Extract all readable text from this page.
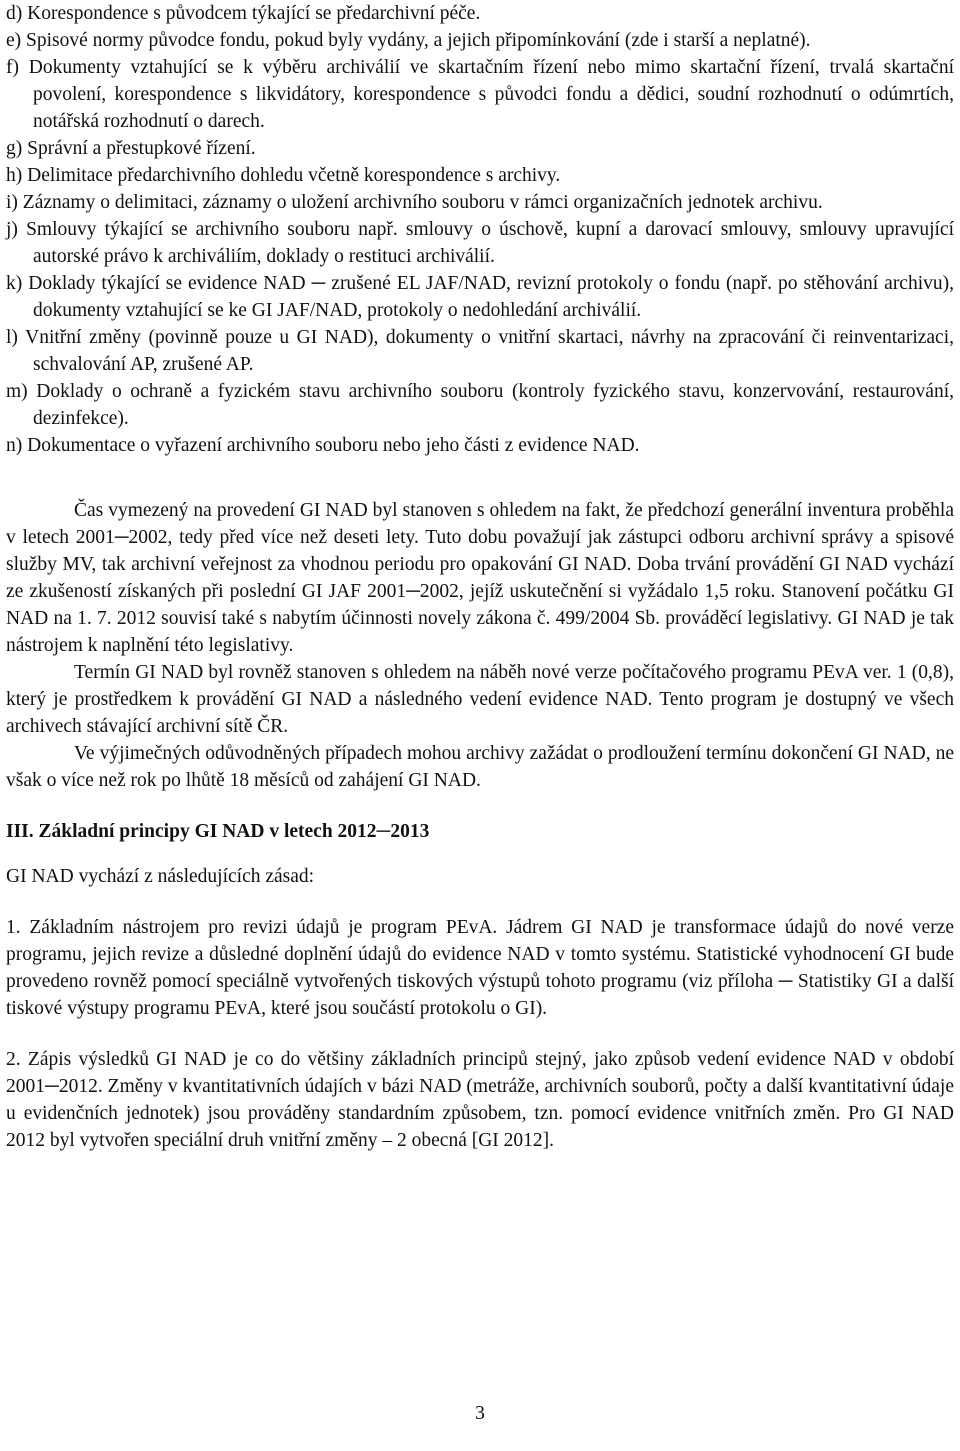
d) Korespondence s původcem týkající se předarchivní péče.
e) Spisové normy původce fondu, pokud byly vydány, a jejich připomínkování (zde i starší a neplatné).
f) Dokumenty vztahující se k výběru archiválií ve skartačním řízení nebo mimo skartační řízení, trvalá skartační povolení, korespondence s likvidátory, korespondence s původci fondu a dědici, soudní rozhodnutí o odúmrtích, notářská rozhodnutí o darech.
g) Správní a přestupkové řízení.
h) Delimitace předarchivního dohledu včetně korespondence s archivy.
i) Záznamy o delimitaci, záznamy o uložení archivního souboru v rámci organizačních jednotek archivu.
j) Smlouvy týkající se archivního souboru např. smlouvy o úschově, kupní a darovací smlouvy, smlouvy upravující autorské právo k archiváliím, doklady o restituci archiválií.
k) Doklady týkající se evidence NAD ─ zrušené EL JAF/NAD, revizní protokoly o fondu (např. po stěhování archivu), dokumenty vztahující se ke GI JAF/NAD, protokoly o nedohledání archiválií.
l) Vnitřní změny (povinně pouze u GI NAD), dokumenty o vnitřní skartaci, návrhy na zpracování či reinventarizaci, schvalování AP, zrušené AP.
m) Doklady o ochraně a fyzickém stavu archivního souboru (kontroly fyzického stavu, konzervování, restaurování, dezinfekce).
n) Dokumentace o vyřazení archivního souboru nebo jeho části z evidence NAD.

Čas vymezený na provedení GI NAD byl stanoven s ohledem na fakt, že předchozí generální inventura proběhla v letech 2001─2002, tedy před více než deseti lety. Tuto dobu považují jak zástupci odboru archivní správy a spisové služby MV, tak archivní veřejnost za vhodnou periodu pro opakování GI NAD. Doba trvání provádění GI NAD vychází ze zkušeností získaných při poslední GI JAF 2001─2002, jejíž uskutečnění si vyžádalo 1,5 roku. Stanovení počátku GI NAD na 1. 7. 2012 souvisí také s nabytím účinnosti novely zákona č. 499/2004 Sb. prováděcí legislativy. GI NAD je tak nástrojem k naplnění této legislativy.

Termín GI NAD byl rovněž stanoven s ohledem na náběh nové verze počítačového programu PEvA ver. 1 (0,8), který je prostředkem k provádění GI NAD a následného vedení evidence NAD. Tento program je dostupný ve všech archivech stávající archivní sítě ČR.

Ve výjimečných odůvodněných případech mohou archivy zažádat o prodloužení termínu dokončení GI NAD, ne však o více než rok po lhůtě 18 měsíců od zahájení GI NAD.

III. Základní principy GI NAD v letech 2012─2013

GI NAD vychází z následujících zásad:

1. Základním nástrojem pro revizi údajů je program PEvA. Jádrem GI NAD je transformace údajů do nové verze programu, jejich revize a důsledné doplnění údajů do evidence NAD v tomto systému. Statistické vyhodnocení GI bude provedeno rovněž pomocí speciálně vytvořených tiskových výstupů tohoto programu (viz příloha ─ Statistiky GI a další tiskové výstupy programu PEvA, které jsou součástí protokolu o GI).

2. Zápis výsledků GI NAD je co do většiny základních principů stejný, jako způsob vedení evidence NAD v období 2001─2012. Změny v kvantitativních údajích v bázi NAD (metráže, archivních souborů, počty a další kvantitativní údaje u evidenčních jednotek) jsou prováděny standardním způsobem, tzn. pomocí evidence vnitřních změn. Pro GI NAD 2012 byl vytvořen speciální druh vnitřní změny – 2 obecná [GI 2012].

3
